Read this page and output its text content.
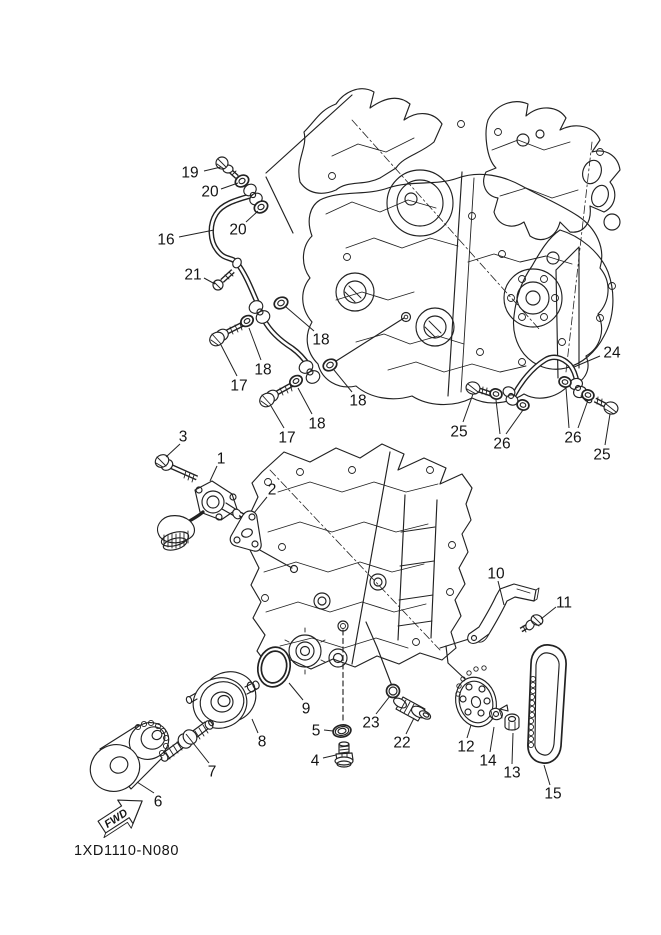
FWD
1XD1110-N080
19
20
16
20
21
17
18
18
17
18
18
24
25
26	26
25
3
1
2
10
11
9
8
5
4
23
22	12
14
13
15
7
6
